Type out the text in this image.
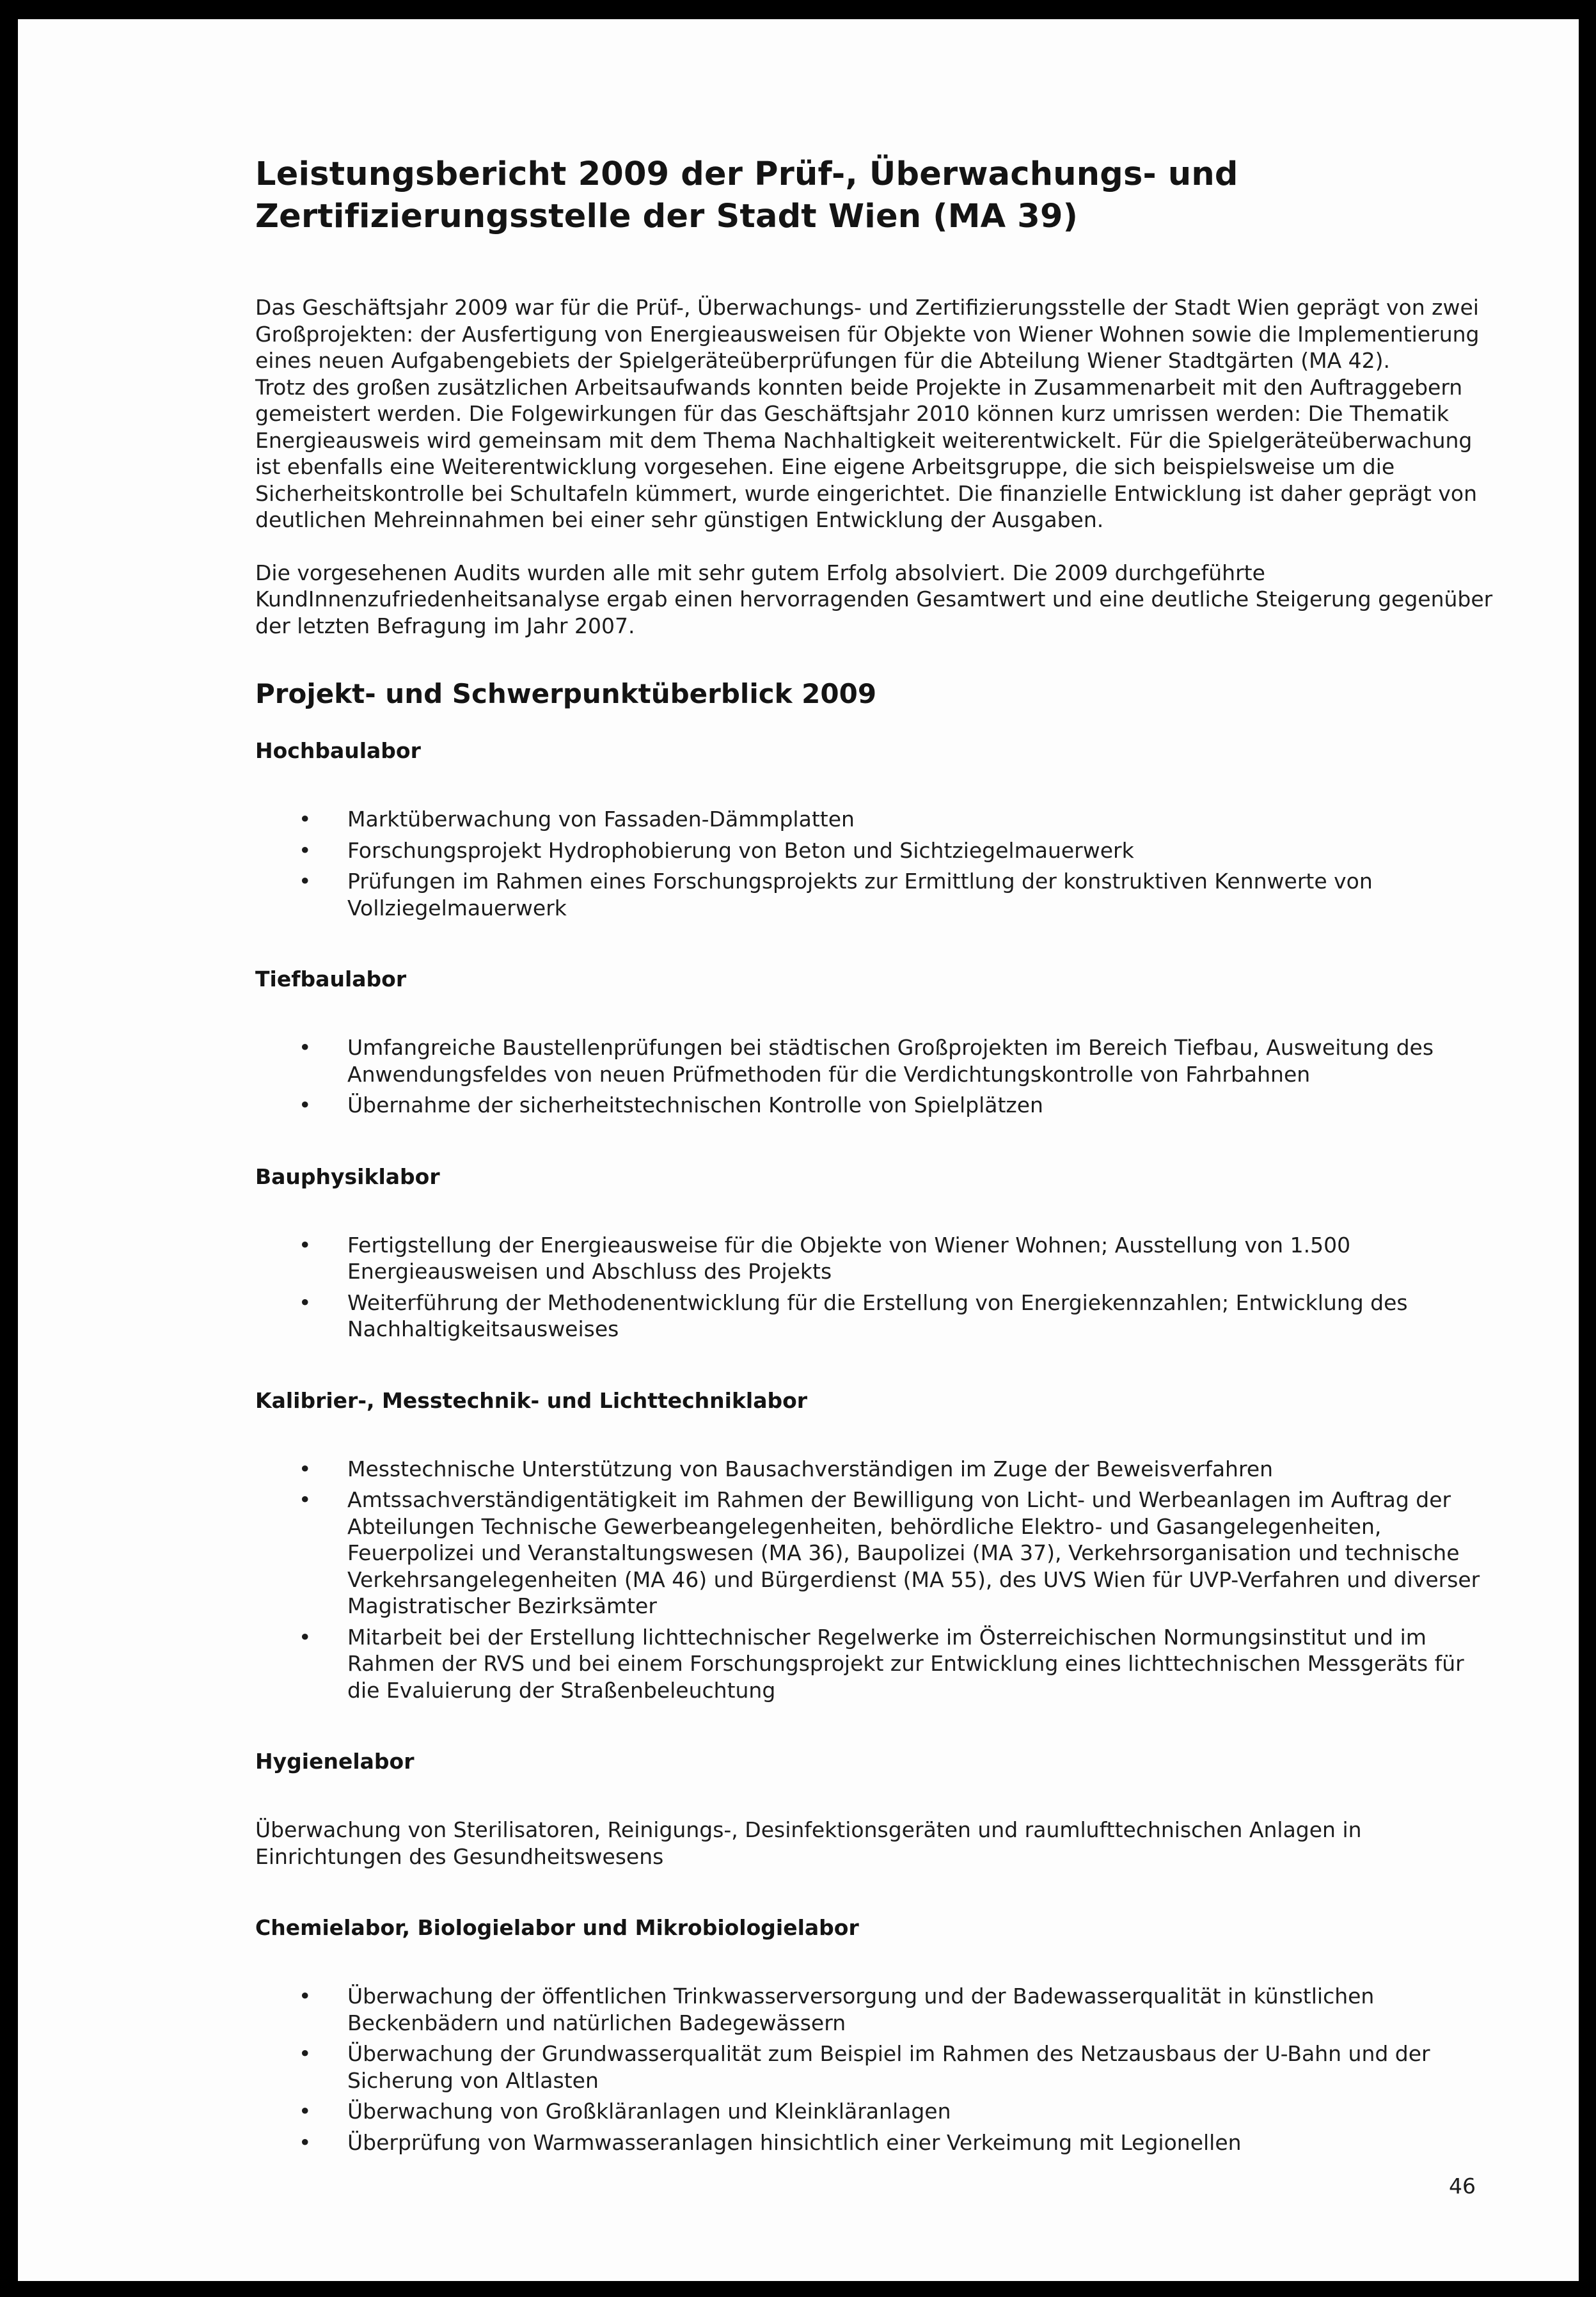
Leistungsbericht 2009 der Prüf-, Überwachungs- und Zertifizierungsstelle der Stadt Wien (MA 39)

Das Geschäftsjahr 2009 war für die Prüf-, Überwachungs- und Zertifizierungsstelle der Stadt Wien geprägt von zwei Großprojekten: der Ausfertigung von Energieausweisen für Objekte von Wiener Wohnen sowie die Implementierung eines neuen Aufgabengebiets der Spielgeräteüberprüfungen für die Abteilung Wiener Stadtgärten (MA 42).

Trotz des großen zusätzlichen Arbeitsaufwands konnten beide Projekte in Zusammenarbeit mit den Auftraggebern gemeistert werden. Die Folgewirkungen für das Geschäftsjahr 2010 können kurz umrissen werden: Die Thematik Energieausweis wird gemeinsam mit dem Thema Nachhaltigkeit weiterentwickelt. Für die Spielgeräteüberwachung ist ebenfalls eine Weiterentwicklung vorgesehen. Eine eigene Arbeitsgruppe, die sich beispielsweise um die Sicherheitskontrolle bei Schultafeln kümmert, wurde eingerichtet. Die finanzielle Entwicklung ist daher geprägt von deutlichen Mehreinnahmen bei einer sehr günstigen Entwicklung der Ausgaben.

Die vorgesehenen Audits wurden alle mit sehr gutem Erfolg absolviert. Die 2009 durchgeführte KundInnenzufriedenheitsanalyse ergab einen hervorragenden Gesamtwert und eine deutliche Steigerung gegenüber der letzten Befragung im Jahr 2007.

Projekt- und Schwerpunktüberblick 2009
Hochbaulabor
• Marktüberwachung von Fassaden-Dämmplatten
• Forschungsprojekt Hydrophobierung von Beton und Sichtziegelmauerwerk
• Prüfungen im Rahmen eines Forschungsprojekts zur Ermittlung der konstruktiven Kennwerte von Vollziegelmauerwerk
Tiefbaulabor
• Umfangreiche Baustellenprüfungen bei städtischen Großprojekten im Bereich Tiefbau, Ausweitung des Anwendungsfeldes von neuen Prüfmethoden für die Verdichtungskontrolle von Fahrbahnen
• Übernahme der sicherheitstechnischen Kontrolle von Spielplätzen
Bauphysiklabor
• Fertigstellung der Energieausweise für die Objekte von Wiener Wohnen; Ausstellung von 1.500 Energieausweisen und Abschluss des Projekts
• Weiterführung der Methodenentwicklung für die Erstellung von Energiekennzahlen; Entwicklung des Nachhaltigkeitsausweises
Kalibrier-, Messtechnik- und Lichttechniklabor
• Messtechnische Unterstützung von Bausachverständigen im Zuge der Beweisverfahren
• Amtssachverständigentätigkeit im Rahmen der Bewilligung von Licht- und Werbeanlagen im Auftrag der Abteilungen Technische Gewerbeangelegenheiten, behördliche Elektro- und Gasangelegenheiten, Feuerpolizei und Veranstaltungswesen (MA 36), Baupolizei (MA 37), Verkehrsorganisation und technische Verkehrsangelegenheiten (MA 46) und Bürgerdienst (MA 55), des UVS Wien für UVP-Verfahren und diverser Magistratischer Bezirksämter
• Mitarbeit bei der Erstellung lichttechnischer Regelwerke im Österreichischen Normungsinstitut und im Rahmen der RVS und bei einem Forschungsprojekt zur Entwicklung eines lichttechnischen Messgeräts für die Evaluierung der Straßenbeleuchtung
Hygienelabor

Überwachung von Sterilisatoren, Reinigungs-, Desinfektionsgeräten und raumlufttechnischen Anlagen in Einrichtungen des Gesundheitswesens

Chemielabor, Biologielabor und Mikrobiologielabor
• Überwachung der öffentlichen Trinkwasserversorgung und der Badewasserqualität in künstlichen Beckenbädern und natürlichen Badegewässern
• Überwachung der Grundwasserqualität zum Beispiel im Rahmen des Netzausbaus der U-Bahn und der Sicherung von Altlasten
• Überwachung von Großkläranlagen und Kleinkläranlagen
• Überprüfung von Warmwasseranlagen hinsichtlich einer Verkeimung mit Legionellen
46
